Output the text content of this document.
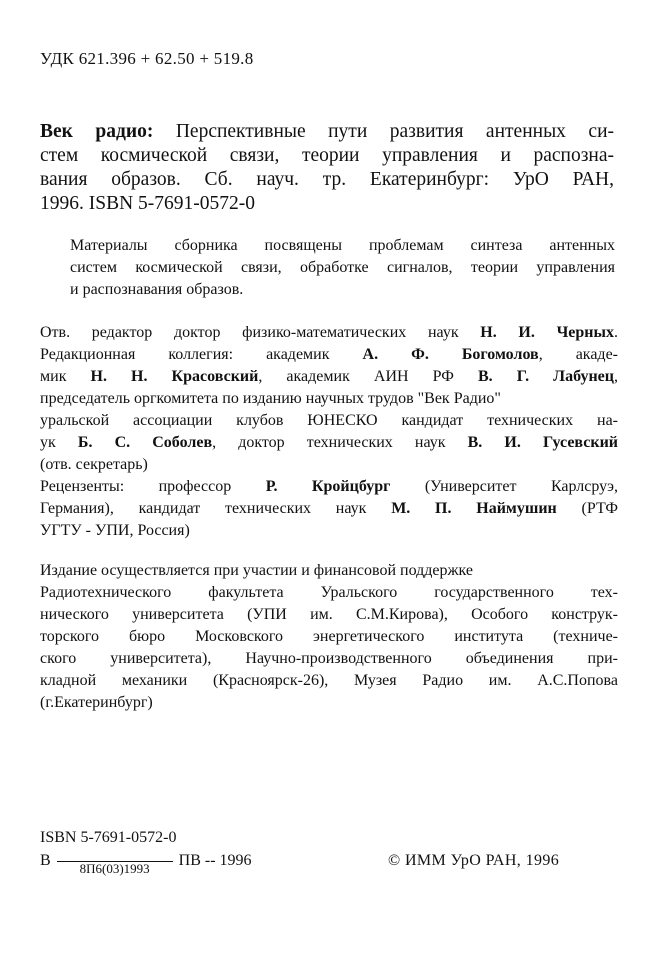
УДК 621.396 + 62.50 + 519.8
Век радио: Перспективные пути развития антенных си-
стем космической связи, теории управления и распозна-
вания образов. Сб. науч. тр. Екатеринбург: УрО РАН,
1996. ISBN 5-7691-0572-0
Материалы сборника посвящены проблемам синтеза антенных
систем космической связи, обработке сигналов, теории управления
и распознавания образов.
Отв. редактор доктор физико-математических наук Н. И. Черных.
Редакционная коллегия: академик А. Ф. Богомолов, акаде-
мик Н. Н. Красовский, академик АИН РФ В. Г. Лабунец,
председатель оргкомитета по изданию научных трудов "Век Радио"
уральской ассоциации клубов ЮНЕСКО кандидат технических на-
ук Б. С. Соболев, доктор технических наук В. И. Гусевский
(отв. секретарь)
Рецензенты: профессор Р. Кройцбург (Университет Карлсруэ,
Германия), кандидат технических наук М. П. Наймушин (РТФ
УГТУ - УПИ, Россия)
Издание осуществляется при участии и финансовой поддержке
Радиотехнического факультета Уральского государственного тех-
нического университета (УПИ им. С.М.Кирова), Особого конструк-
торского бюро Московского энергетического института (техниче-
ского университета), Научно-производственного объединения при-
кладной механики (Красноярск-26), Музея Радио им. А.С.Попова
(г.Екатеринбург)
ISBN 5-7691-0572-0
В 8П6(03)1993 ПВ -- 1996	© ИММ УрО РАН, 1996
